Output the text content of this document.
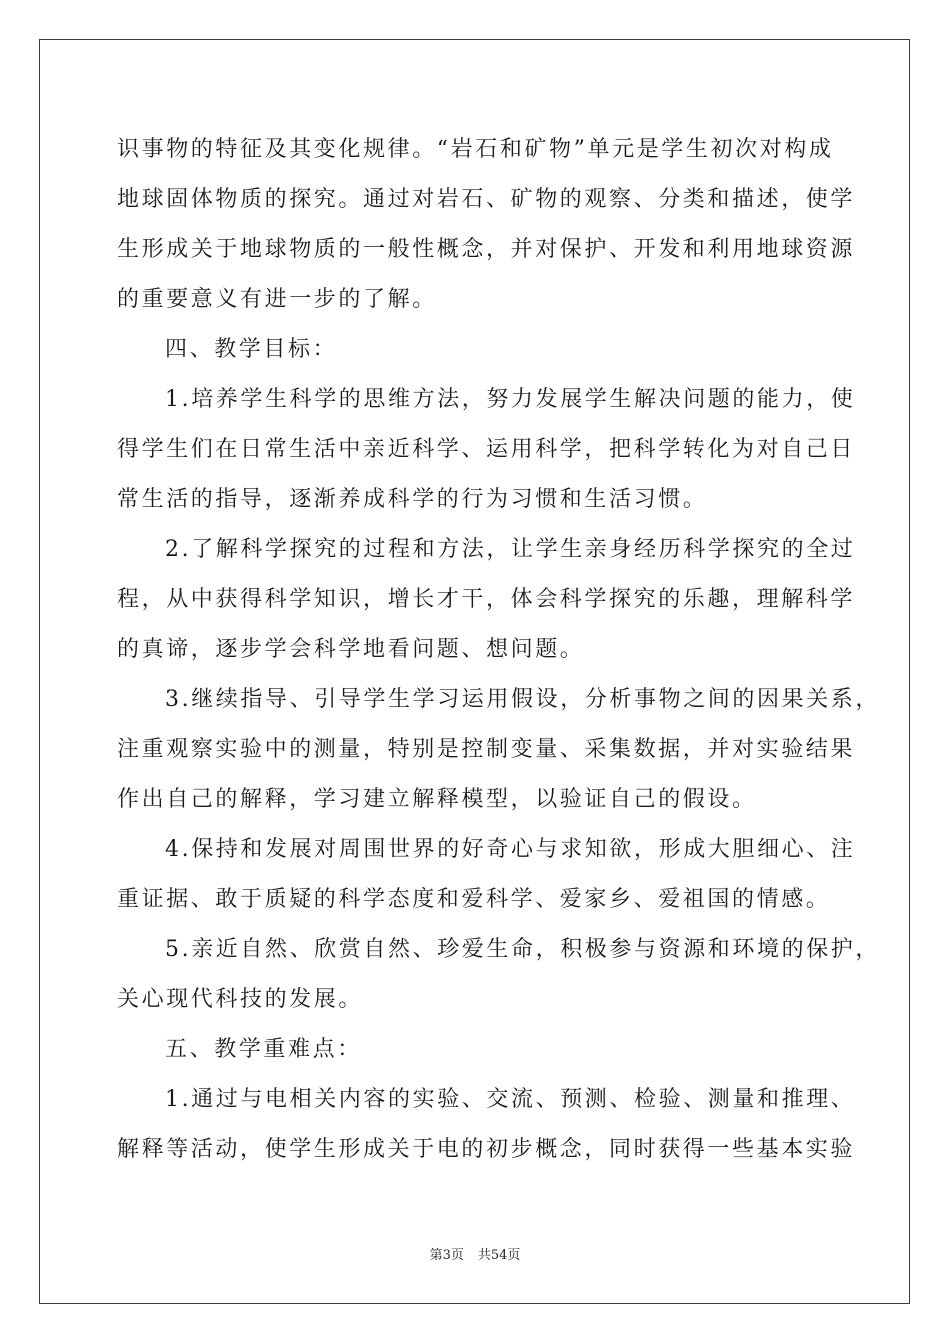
识事物的特征及其变化规律。“岩石和矿物”单元是学生初次对构成
地球固体物质的探究。通过对岩石、矿物的观察、分类和描述，使学
生形成关于地球物质的一般性概念，并对保护、开发和利用地球资源
的重要意义有进一步的了解。
四、教学目标：
1.培养学生科学的思维方法，努力发展学生解决问题的能力，使
得学生们在日常生活中亲近科学、运用科学，把科学转化为对自己日
常生活的指导，逐渐养成科学的行为习惯和生活习惯。
2.了解科学探究的过程和方法，让学生亲身经历科学探究的全过
程，从中获得科学知识，增长才干，体会科学探究的乐趣，理解科学
的真谛，逐步学会科学地看问题、想问题。
3.继续指导、引导学生学习运用假设，分析事物之间的因果关系，
注重观察实验中的测量，特别是控制变量、采集数据，并对实验结果
作出自己的解释，学习建立解释模型，以验证自己的假设。
4.保持和发展对周围世界的好奇心与求知欲，形成大胆细心、注
重证据、敢于质疑的科学态度和爱科学、爱家乡、爱祖国的情感。
5.亲近自然、欣赏自然、珍爱生命，积极参与资源和环境的保护，
关心现代科技的发展。
五、教学重难点：
1.通过与电相关内容的实验、交流、预测、检验、测量和推理、
解释等活动，使学生形成关于电的初步概念，同时获得一些基本实验
第3页 共54页
